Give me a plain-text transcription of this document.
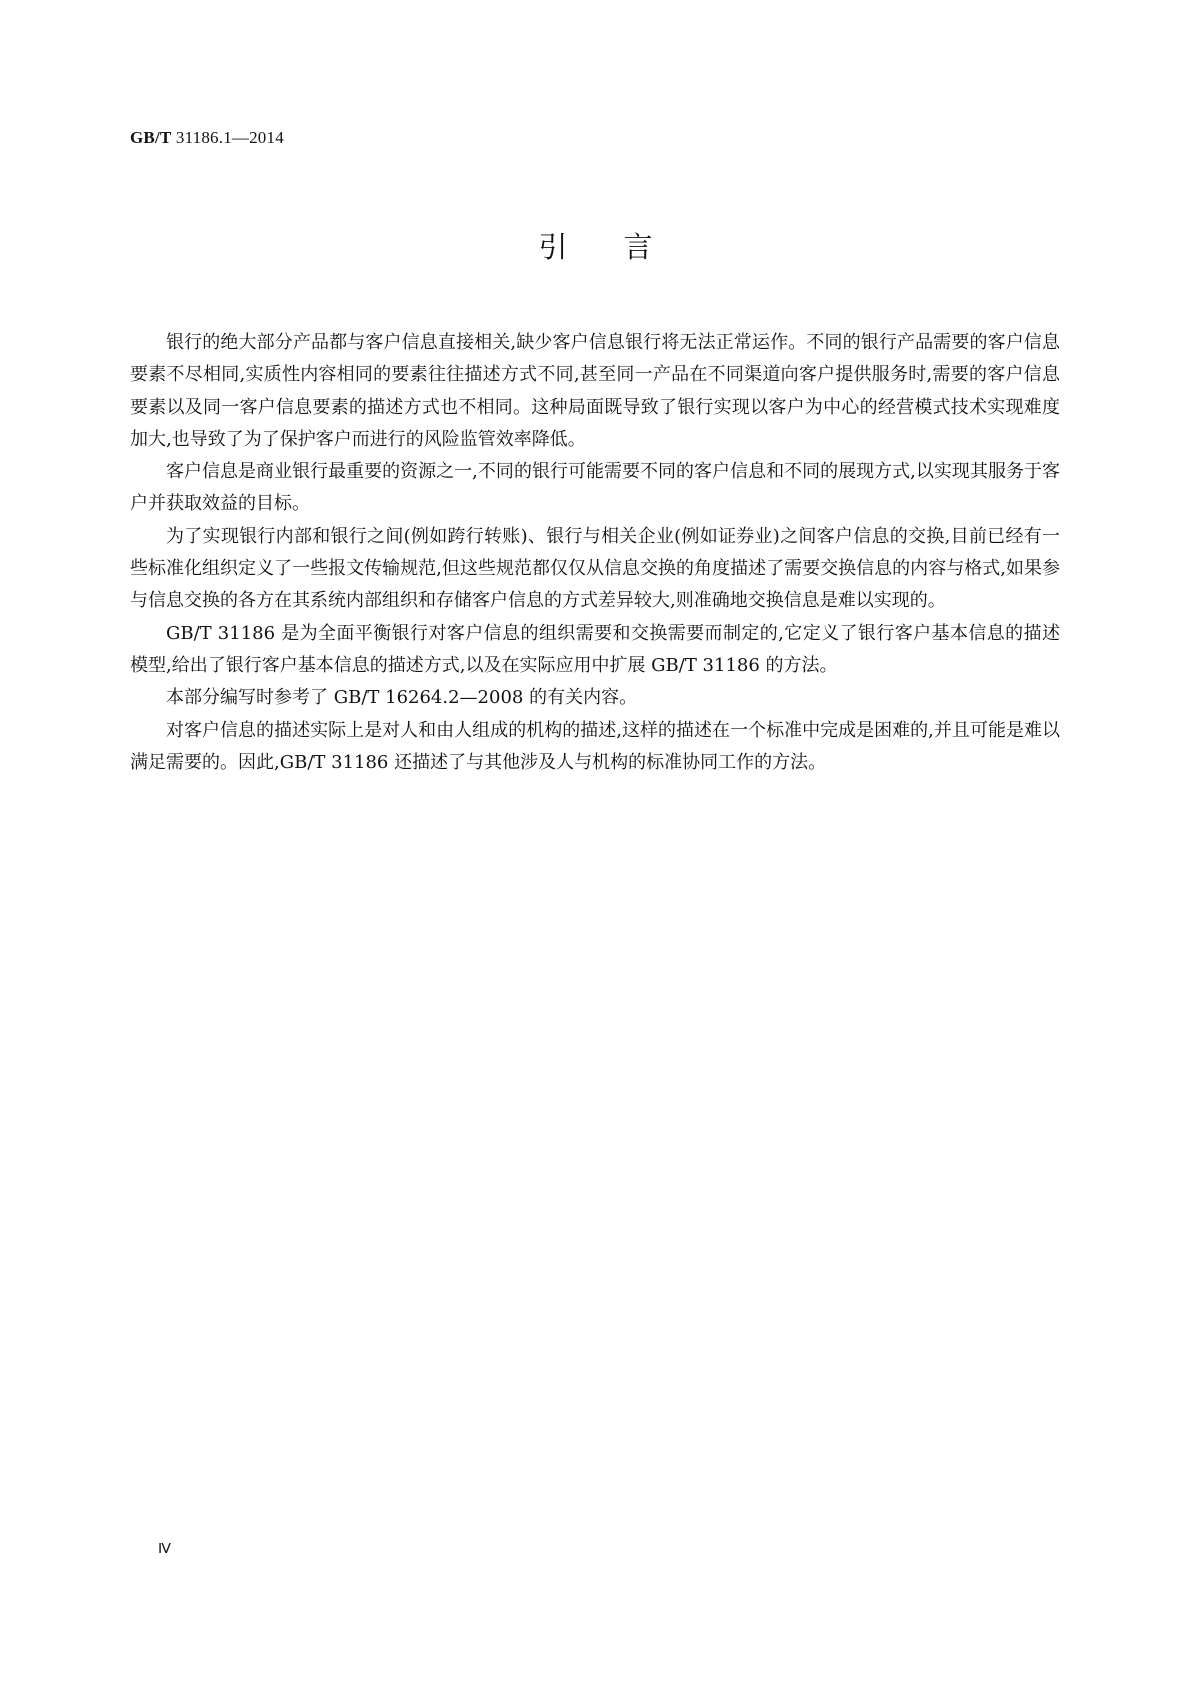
GB/T 31186.1—2014
引言

银行的绝大部分产品都与客户信息直接相关,缺少客户信息银行将无法正常运作。不同的银行产品需要的客户信息要素不尽相同,实质性内容相同的要素往往描述方式不同,甚至同一产品在不同渠道向客户提供服务时,需要的客户信息要素以及同一客户信息要素的描述方式也不相同。这种局面既导致了银行实现以客户为中心的经营模式技术实现难度加大,也导致了为了保护客户而进行的风险监管效率降低。

客户信息是商业银行最重要的资源之一,不同的银行可能需要不同的客户信息和不同的展现方式,以实现其服务于客户并获取效益的目标。

为了实现银行内部和银行之间(例如跨行转账)、银行与相关企业(例如证券业)之间客户信息的交换,目前已经有一些标准化组织定义了一些报文传输规范,但这些规范都仅仅从信息交换的角度描述了需要交换信息的内容与格式,如果参与信息交换的各方在其系统内部组织和存储客户信息的方式差异较大,则准确地交换信息是难以实现的。

GB/T 31186 是为全面平衡银行对客户信息的组织需要和交换需要而制定的,它定义了银行客户基本信息的描述模型,给出了银行客户基本信息的描述方式,以及在实际应用中扩展 GB/T 31186 的方法。

本部分编写时参考了 GB/T 16264.2—2008 的有关内容。

对客户信息的描述实际上是对人和由人组成的机构的描述,这样的描述在一个标准中完成是困难的,并且可能是难以满足需要的。因此,GB/T 31186 还描述了与其他涉及人与机构的标准协同工作的方法。

Ⅳ
